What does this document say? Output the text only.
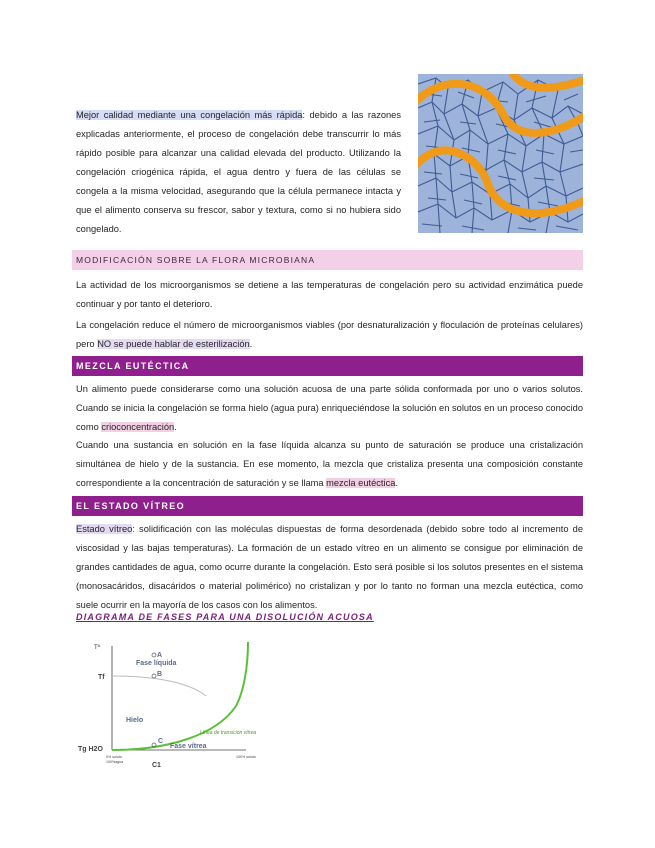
Mejor calidad mediante una congelación más rápida: debido a las razones explicadas anteriormente, el proceso de congelación debe transcurrir lo más rápido posible para alcanzar una calidad elevada del producto. Utilizando la congelación criogénica rápida, el agua dentro y fuera de las células se congela a la misma velocidad, asegurando que la célula permanece intacta y que el alimento conserva su frescor, sabor y textura, como si no hubiera sido congelado.

MODIFICACIÓN SOBRE LA FLORA MICROBIANA

La actividad de los microorganismos se detiene a las temperaturas de congelación pero su actividad enzimática puede continuar y por tanto el deterioro.

La congelación reduce el número de microorganismos viables (por desnaturalización y floculación de proteínas celulares) pero NO se puede hablar de esterilización.

MEZCLA EUTÉCTICA

Un alimento puede considerarse como una solución acuosa de una parte sólida conformada por uno o varios solutos. Cuando se inicia la congelación se forma hielo (agua pura) enriqueciéndose la solución en solutos en un proceso conocido como crioconcentración.

Cuando una sustancia en solución en la fase líquida alcanza su punto de saturación se produce una cristalización simultánea de hielo y de la sustancia. En ese momento, la mezcla que cristaliza presenta una composición constante correspondiente a la concentración de saturación y se llama mezcla eutéctica.

EL ESTADO VÍTREO

Estado vítreo: solidificación con las moléculas dispuestas de forma desordenada (debido sobre todo al incremento de viscosidad y las bajas temperaturas). La formación de un estado vítreo en un alimento se consigue por eliminación de grandes cantidades de agua, como ocurre durante la congelación. Esto será posible si los solutos presentes en el sistema (monosacáridos, disacáridos o material polimérico) no cristalizan y por lo tanto no forman una mezcla eutéctica, como suele ocurrir en la mayoría de los casos con los alimentos.

DIAGRAMA DE FASES PARA UNA DISOLUCIÓN ACUOSA
Tª
Tf
Tg H2O
Fase líquida
Hielo
Fase vítrea
Línea de transición vítrea
A
B
C
0% soluto
100%agua
100% soluto
C1
